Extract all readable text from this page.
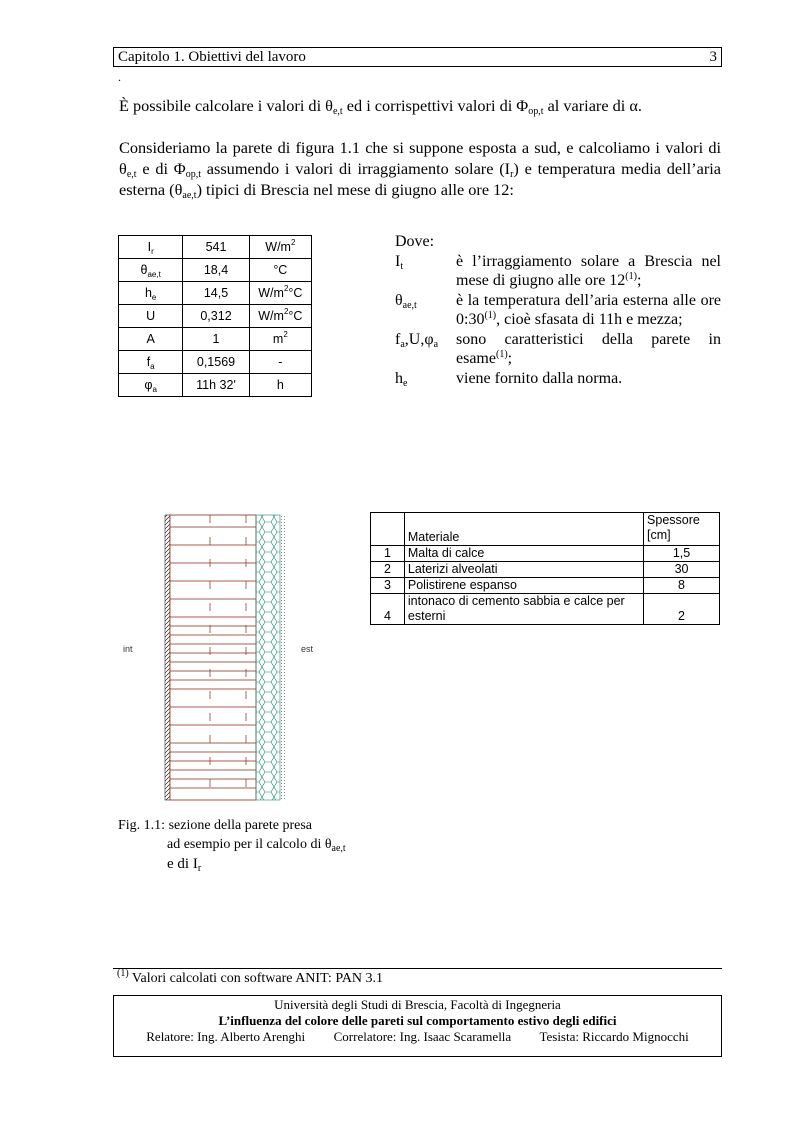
Capitolo 1. Obiettivi del lavoro	3
.
È possibile calcolare i valori di $\theta_{e,t}$ ed i corrispettivi valori di $\Phi_{op,t}$ al variare di α.
Consideriamo la parete di figura 1.1 che si suppone esposta a sud, e calcoliamo i valori di $\theta_{e,t}$ e di $\Phi_{op,t}$ assumendo i valori di irraggiamento solare $(I_r)$ e temperatura media dell’aria esterna $(\theta_{ae,t})$ tipici di Brescia nel mese di giugno alle ore 12:
$I_r$	541	$W/m^2$
$\theta_{ae,t}$	18,4	°C
$h_e$	14,5	$W/m^2^\circ C$
U	0,312	$W/m^2^\circ C$
A	1	$m^2$
$f_a$	0,1569	-
$\varphi_a$	11h 32'	h
Dove:
$I_t$	è l’irraggiamento solare a Brescia nel mese di giugno alle ore 12$^{(1)}$;
$\theta_{ae,t}$	è la temperatura dell’aria esterna alle ore 0:30$^{(1)}$, cioè sfasata di 11h e mezza;
$f_a,U,\varphi_a$	sono caratteristici della parete in esame$^{(1)}$;
$h_e$	viene fornito dalla norma.
int	est
	Materiale	Spessore [cm]
1	Malta di calce	1,5
2	Laterizi alveolati	30
3	Polistirene espanso	8
4	intonaco di cemento sabbia e calce per esterni	2
Fig. 1.1: sezione della parete presa
ad esempio per il calcolo di $\theta_{ae,t}$
e di $I_r$
$^{(1)}$ Valori calcolati con software ANIT: PAN 3.1
Università degli Studi di Brescia, Facoltà di Ingegneria
L’influenza del colore delle pareti sul comportamento estivo degli edifici
Relatore: Ing. Alberto Arenghi Correlatore: Ing. Isaac Scaramella Tesista: Riccardo Mignocchi
